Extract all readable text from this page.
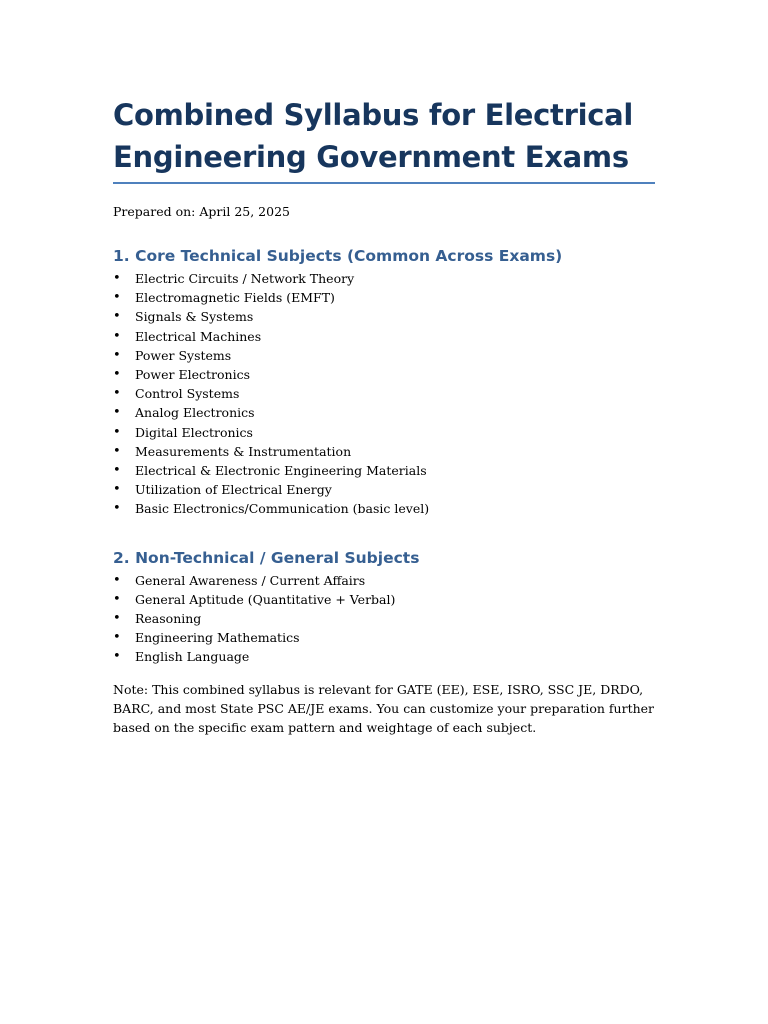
Combined Syllabus for Electrical Engineering Government Exams
Prepared on: April 25, 2025
1. Core Technical Subjects (Common Across Exams)
• Electric Circuits / Network Theory
• Electromagnetic Fields (EMFT)
• Signals & Systems
• Electrical Machines
• Power Systems
• Power Electronics
• Control Systems
• Analog Electronics
• Digital Electronics
• Measurements & Instrumentation
• Electrical & Electronic Engineering Materials
• Utilization of Electrical Energy
• Basic Electronics/Communication (basic level)
2. Non-Technical / General Subjects
• General Awareness / Current Affairs
• General Aptitude (Quantitative + Verbal)
• Reasoning
• Engineering Mathematics
• English Language

Note: This combined syllabus is relevant for GATE (EE), ESE, ISRO, SSC JE, DRDO, BARC, and most State PSC AE/JE exams. You can customize your preparation further based on the specific exam pattern and weightage of each subject.
